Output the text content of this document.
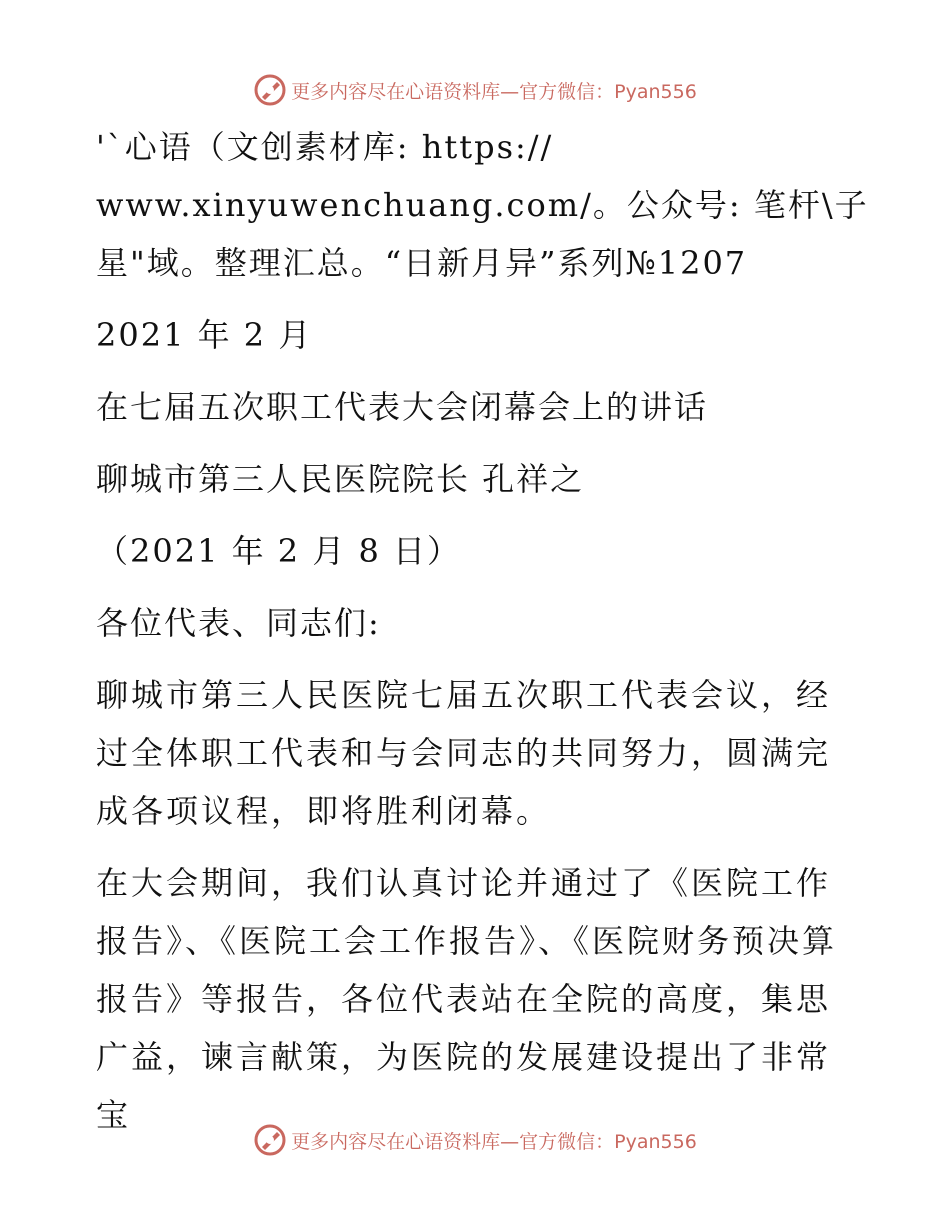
更多内容尽在心语资料库—官方微信：Pyan556
'ˋ心语（文创素材库: https://
www.xinyuwenchuang.com/。公众号: 笔杆\子
星"域。整理汇总。“日新月异”系列№1207
2021 年 2 月
在七届五次职工代表大会闭幕会上的讲话
聊城市第三人民医院院长 孔祥之
（2021 年 2 月 8 日）
各位代表、同志们:

聊城市第三人民医院七届五次职工代表会议，经过全体职工代表和与会同志的共同努力，圆满完成各项议程，即将胜利闭幕。

在大会期间，我们认真讨论并通过了《医院工作报告》、《医院工会工作报告》、《医院财务预决算报告》等报告，各位代表站在全院的高度，集思广益，谏言献策，为医院的发展建设提出了非常宝

更多内容尽在心语资料库—官方微信：Pyan556
